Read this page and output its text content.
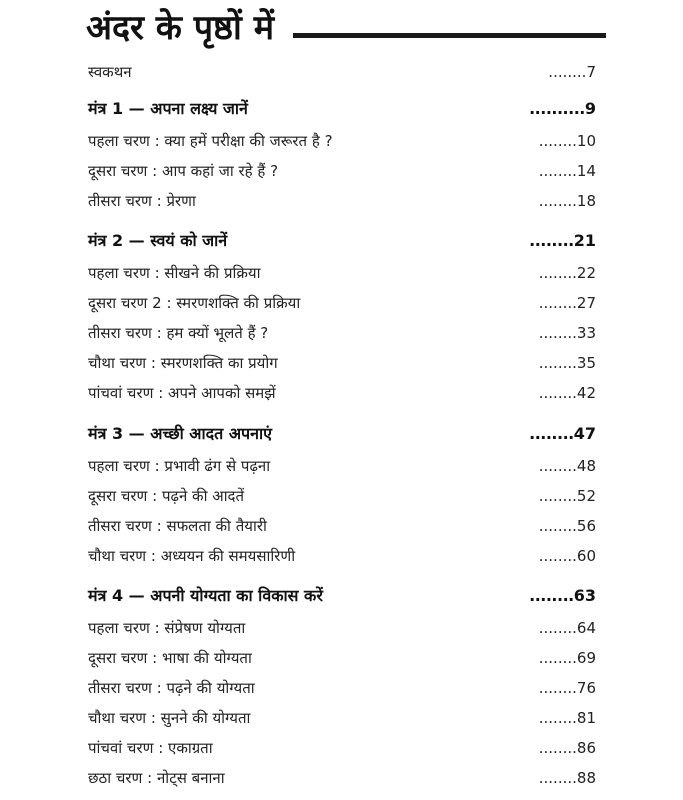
अंदर के पृष्ठों में
स्वकथन	........7
मंत्र 1 — अपना लक्ष्य जानें	..........9
पहला चरण : क्या हमें परीक्षा की जरूरत है ?	........10
दूसरा चरण : आप कहां जा रहे हैं ?	........14
तीसरा चरण : प्रेरणा	........18
मंत्र 2 — स्वयं को जानें	........21
पहला चरण : सीखने की प्रक्रिया	........22
दूसरा चरण 2 : स्मरणशक्ति की प्रक्रिया	........27
तीसरा चरण : हम क्यों भूलते हैं ?	........33
चौथा चरण : स्मरणशक्ति का प्रयोग	........35
पांचवां चरण : अपने आपको समझें	........42
मंत्र 3 — अच्छी आदत अपनाएं	........47
पहला चरण : प्रभावी ढंग से पढ़ना	........48
दूसरा चरण : पढ़ने की आदतें	........52
तीसरा चरण : सफलता की तैयारी	........56
चौथा चरण : अध्ययन की समयसारिणी	........60
मंत्र 4 — अपनी योग्यता का विकास करें	........63
पहला चरण : संप्रेषण योग्यता	........64
दूसरा चरण : भाषा की योग्यता	........69
तीसरा चरण : पढ़ने की योग्यता	........76
चौथा चरण : सुनने की योग्यता	........81
पांचवां चरण : एकाग्रता	........86
छठा चरण : नोट्स बनाना	........88
